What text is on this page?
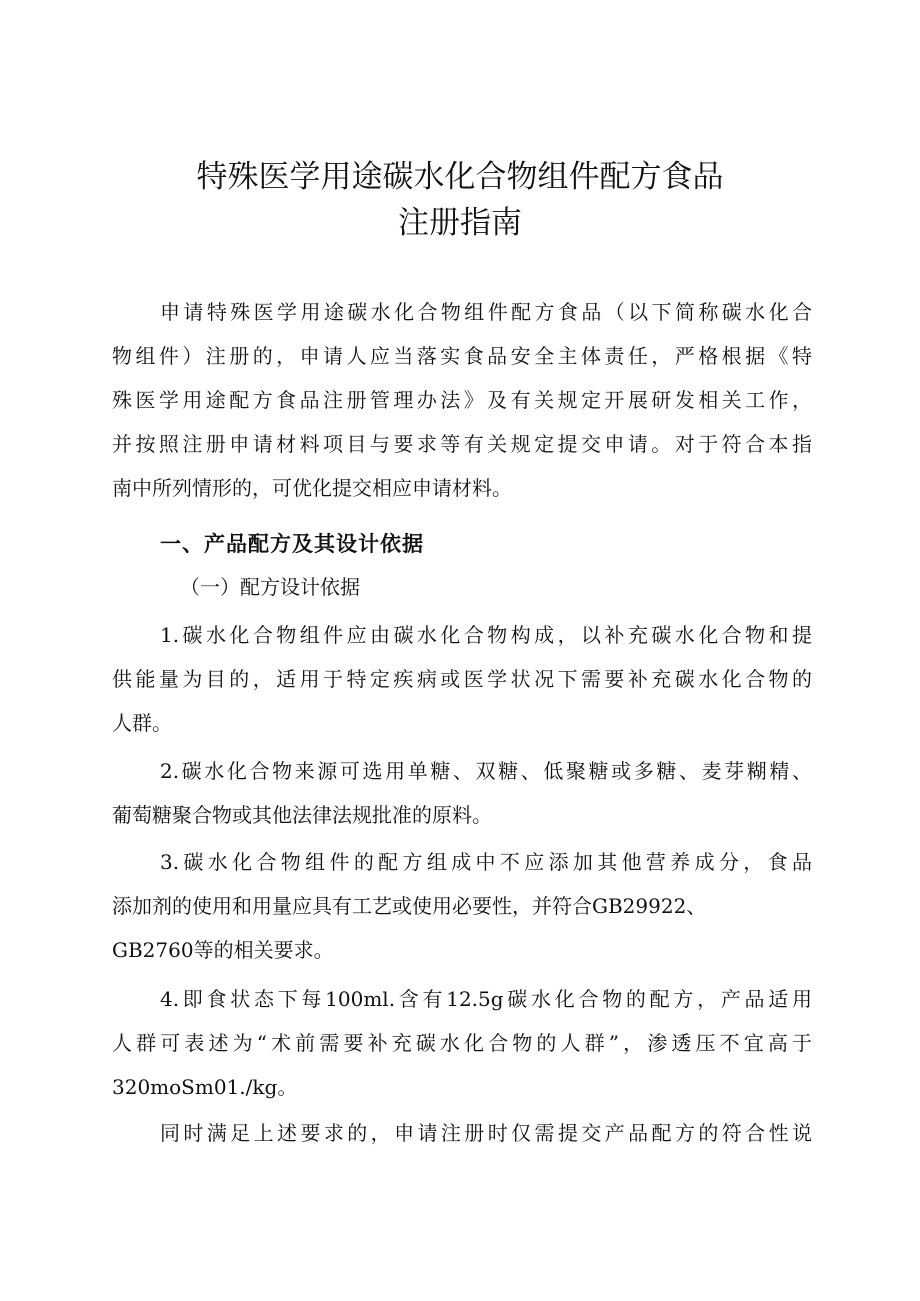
特殊医学用途碳水化合物组件配方食品
注册指南
申请特殊医学用途碳水化合物组件配方食品（以下简称碳水化合
物组件）注册的，申请人应当落实食品安全主体责任，严格根据《特
殊医学用途配方食品注册管理办法》及有关规定开展研发相关工作，
并按照注册申请材料项目与要求等有关规定提交申请。对于符合本指
南中所列情形的，可优化提交相应申请材料。
一、产品配方及其设计依据
（一）配方设计依据
1.碳水化合物组件应由碳水化合物构成，以补充碳水化合物和提
供能量为目的，适用于特定疾病或医学状况下需要补充碳水化合物的
人群。
2.碳水化合物来源可选用单糖、双糖、低聚糖或多糖、麦芽糊精、
葡萄糖聚合物或其他法律法规批准的原料。
3.碳水化合物组件的配方组成中不应添加其他营养成分，食品
添加剂的使用和用量应具有工艺或使用必要性，并符合GB29922、
GB2760等的相关要求。
4.即食状态下每100ml.含有12.5g碳水化合物的配方，产品适用
人群可表述为“术前需要补充碳水化合物的人群”，渗透压不宜高于
320moSm01./kg。
同时满足上述要求的，申请注册时仅需提交产品配方的符合性说
